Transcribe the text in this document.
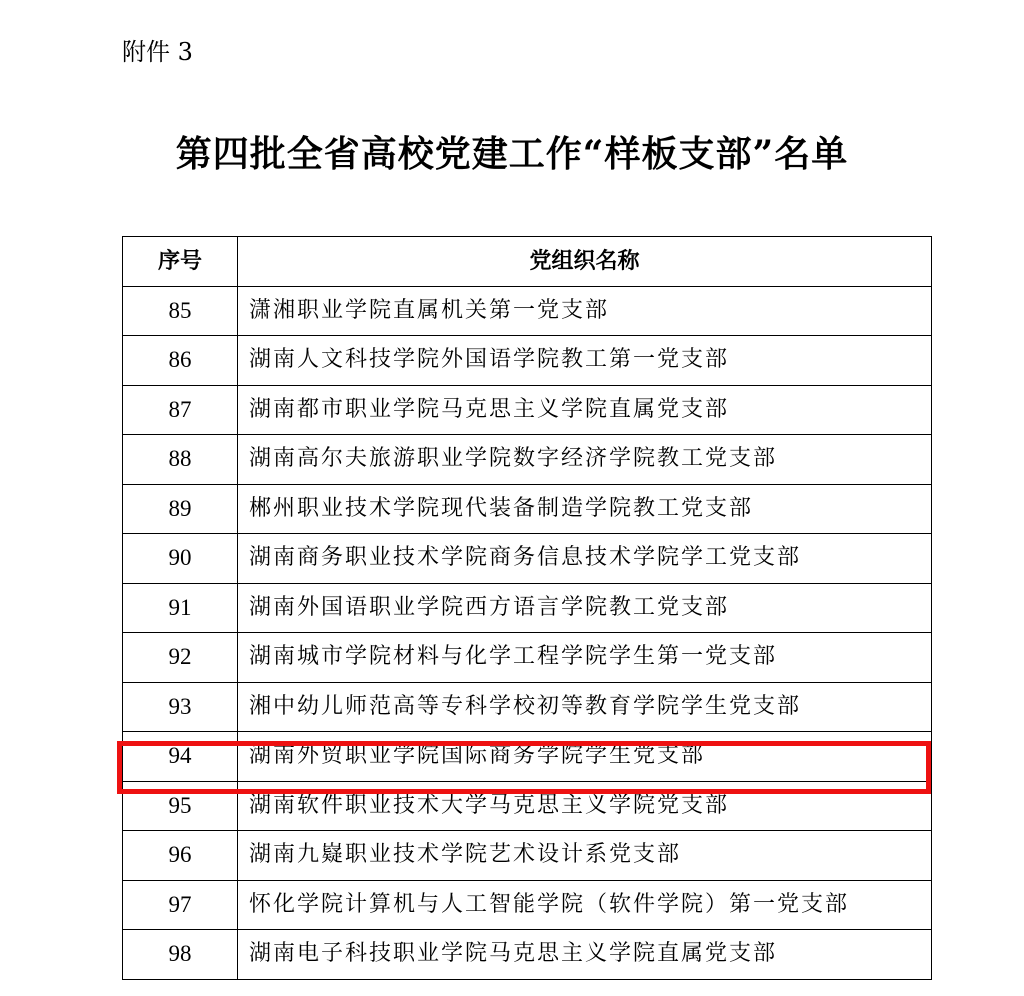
附件 3
第四批全省高校党建工作“样板支部”名单
序号	党组织名称
85	潇湘职业学院直属机关第一党支部
86	湖南人文科技学院外国语学院教工第一党支部
87	湖南都市职业学院马克思主义学院直属党支部
88	湖南高尔夫旅游职业学院数字经济学院教工党支部
89	郴州职业技术学院现代装备制造学院教工党支部
90	湖南商务职业技术学院商务信息技术学院学工党支部
91	湖南外国语职业学院西方语言学院教工党支部
92	湖南城市学院材料与化学工程学院学生第一党支部
93	湘中幼儿师范高等专科学校初等教育学院学生党支部
94	湖南外贸职业学院国际商务学院学生党支部
95	湖南软件职业技术大学马克思主义学院党支部
96	湖南九嶷职业技术学院艺术设计系党支部
97	怀化学院计算机与人工智能学院（软件学院）第一党支部
98	湖南电子科技职业学院马克思主义学院直属党支部
